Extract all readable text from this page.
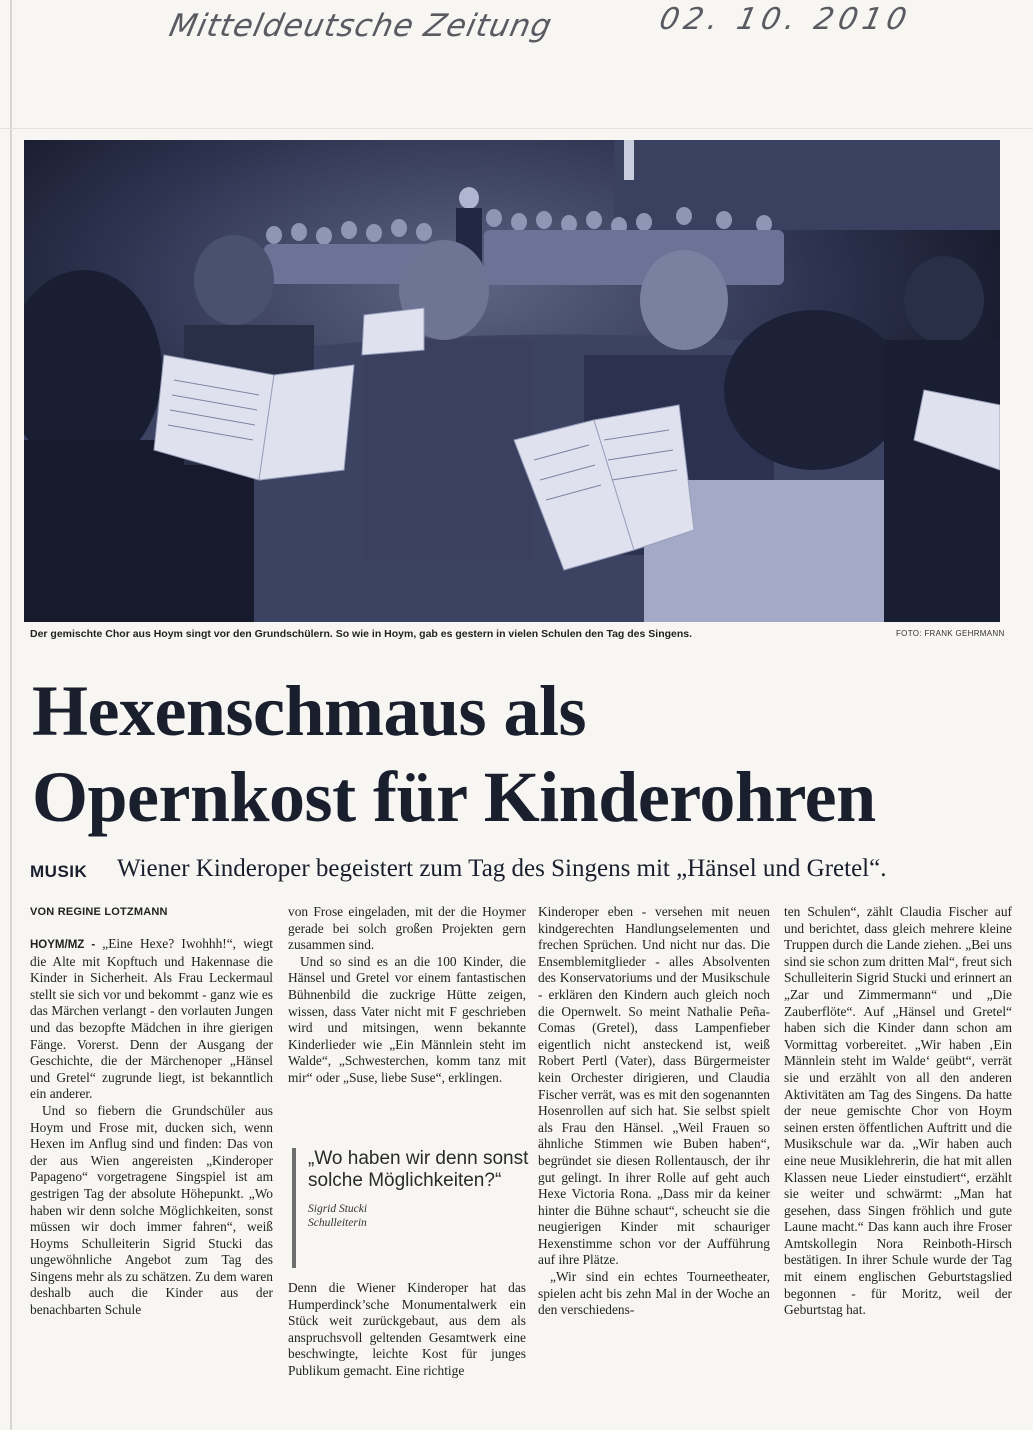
Mitteldeutsche Zeitung	02. 10. 2010
Der gemischte Chor aus Hoym singt vor den Grundschülern. So wie in Hoym, gab es gestern in vielen Schulen den Tag des Singens.	FOTO: FRANK GEHRMANN
Hexenschmaus als
Opernkost für Kinderohren
MUSIK Wiener Kinderoper begeistert zum Tag des Singens mit „Hänsel und Gretel“.
VON REGINE LOTZMANN

HOYM/MZ - „Eine Hexe? Iwohhh!“, wiegt die Alte mit Kopftuch und Hakennase die Kinder in Sicherheit. Als Frau Leckermaul stellt sie sich vor und bekommt - ganz wie es das Märchen verlangt - den vorlauten Jungen und das bezopfte Mädchen in ihre gierigen Fänge. Vorerst. Denn der Ausgang der Geschichte, die der Märchenoper „Hänsel und Gretel“ zugrunde liegt, ist bekanntlich ein anderer.

Und so fiebern die Grundschüler aus Hoym und Frose mit, ducken sich, wenn Hexen im Anflug sind und finden: Das von der aus Wien angereisten „Kinderoper Papageno“ vorgetragene Singspiel ist am gestrigen Tag der absolute Höhepunkt. „Wo haben wir denn solche Möglichkeiten, sonst müssen wir doch immer fahren“, weiß Hoyms Schulleiterin Sigrid Stucki das ungewöhnliche Angebot zum Tag des Singens mehr als zu schätzen. Zu dem waren deshalb auch die Kinder aus der benachbarten Schule

von Frose eingeladen, mit der die Hoymer gerade bei solch großen Projekten gern zusammen sind.

Und so sind es an die 100 Kinder, die Hänsel und Gretel vor einem fantastischen Bühnenbild die zuckrige Hütte zeigen, wissen, dass Vater nicht mit F geschrieben wird und mitsingen, wenn bekannte Kinderlieder wie „Ein Männlein steht im Walde“, „Schwesterchen, komm tanz mit mir“ oder „Suse, liebe Suse“, erklingen.

„Wo haben wir denn sonst solche Möglichkeiten?“
Sigrid Stucki
Schulleiterin

Denn die Wiener Kinderoper hat das Humperdinck’sche Monumentalwerk ein Stück weit zurückgebaut, aus dem als anspruchsvoll geltenden Gesamtwerk eine beschwingte, leichte Kost für junges Publikum gemacht. Eine richtige

Kinderoper eben - versehen mit neuen kindgerechten Handlungselementen und frechen Sprüchen. Und nicht nur das. Die Ensemblemitglieder - alles Absolventen des Konservatoriums und der Musikschule - erklären den Kindern auch gleich noch die Opernwelt. So meint Nathalie Peña-Comas (Gretel), dass Lampenfieber eigentlich nicht ansteckend ist, weiß Robert Pertl (Vater), dass Bürgermeister kein Orchester dirigieren, und Claudia Fischer verrät, was es mit den sogenannten Hosenrollen auf sich hat. Sie selbst spielt als Frau den Hänsel. „Weil Frauen so ähnliche Stimmen wie Buben haben“, begründet sie diesen Rollentausch, der ihr gut gelingt. In ihrer Rolle auf geht auch Hexe Victoria Rona. „Dass mir da keiner hinter die Bühne schaut“, scheucht sie die neugierigen Kinder mit schauriger Hexenstimme schon vor der Aufführung auf ihre Plätze.

„Wir sind ein echtes Tourneetheater, spielen acht bis zehn Mal in der Woche an den verschiedens-

ten Schulen“, zählt Claudia Fischer auf und berichtet, dass gleich mehrere kleine Truppen durch die Lande ziehen. „Bei uns sind sie schon zum dritten Mal“, freut sich Schulleiterin Sigrid Stucki und erinnert an „Zar und Zimmermann“ und „Die Zauberflöte“. Auf „Hänsel und Gretel“ haben sich die Kinder dann schon am Vormittag vorbereitet. „Wir haben ‚Ein Männlein steht im Walde‘ geübt“, verrät sie und erzählt von all den anderen Aktivitäten am Tag des Singens. Da hatte der neue gemischte Chor von Hoym seinen ersten öffentlichen Auftritt und die Musikschule war da. „Wir haben auch eine neue Musiklehrerin, die hat mit allen Klassen neue Lieder einstudiert“, erzählt sie weiter und schwärmt: „Man hat gesehen, dass Singen fröhlich und gute Laune macht.“ Das kann auch ihre Froser Amtskollegin Nora Reinboth-Hirsch bestätigen. In ihrer Schule wurde der Tag mit einem englischen Geburtstagslied begonnen - für Moritz, weil der Geburtstag hat.
